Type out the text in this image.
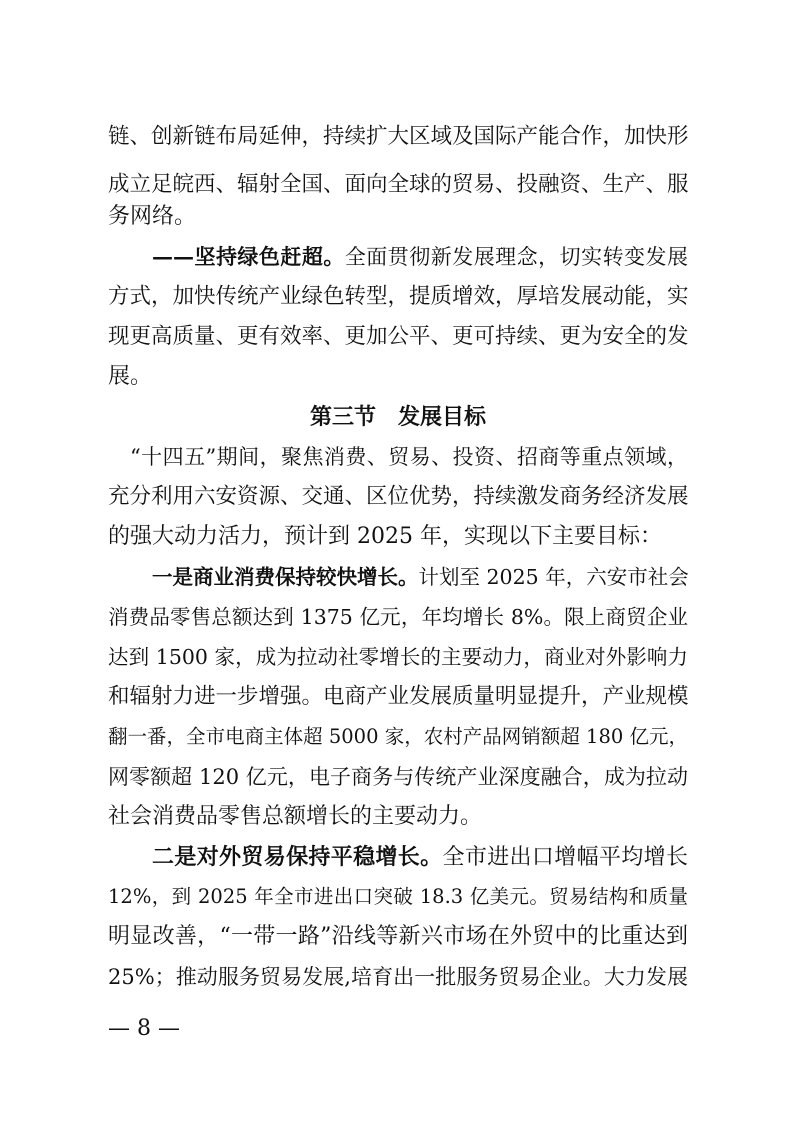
链、创新链布局延伸，持续扩大区域及国际产能合作，加快形
成立足皖西、辐射全国、面向全球的贸易、投融资、生产、服
务网络。
——坚持绿色赶超。全面贯彻新发展理念，切实转变发展
方式，加快传统产业绿色转型，提质增效，厚培发展动能，实
现更高质量、更有效率、更加公平、更可持续、更为安全的发
展。
第三节　发展目标
“十四五”期间，聚焦消费、贸易、投资、招商等重点领域，
充分利用六安资源、交通、区位优势，持续激发商务经济发展
的强大动力活力，预计到 2025 年，实现以下主要目标：
一是商业消费保持较快增长。计划至 2025 年，六安市社会
消费品零售总额达到 1375 亿元，年均增长 8%。限上商贸企业
达到 1500 家，成为拉动社零增长的主要动力，商业对外影响力
和辐射力进一步增强。电商产业发展质量明显提升，产业规模
翻一番，全市电商主体超 5000 家，农村产品网销额超 180 亿元，
网零额超 120 亿元，电子商务与传统产业深度融合，成为拉动
社会消费品零售总额增长的主要动力。
二是对外贸易保持平稳增长。全市进出口增幅平均增长
12%，到 2025 年全市进出口突破 18.3 亿美元。贸易结构和质量
明显改善，“一带一路”沿线等新兴市场在外贸中的比重达到
25%；推动服务贸易发展,培育出一批服务贸易企业。大力发展
— 8 —
